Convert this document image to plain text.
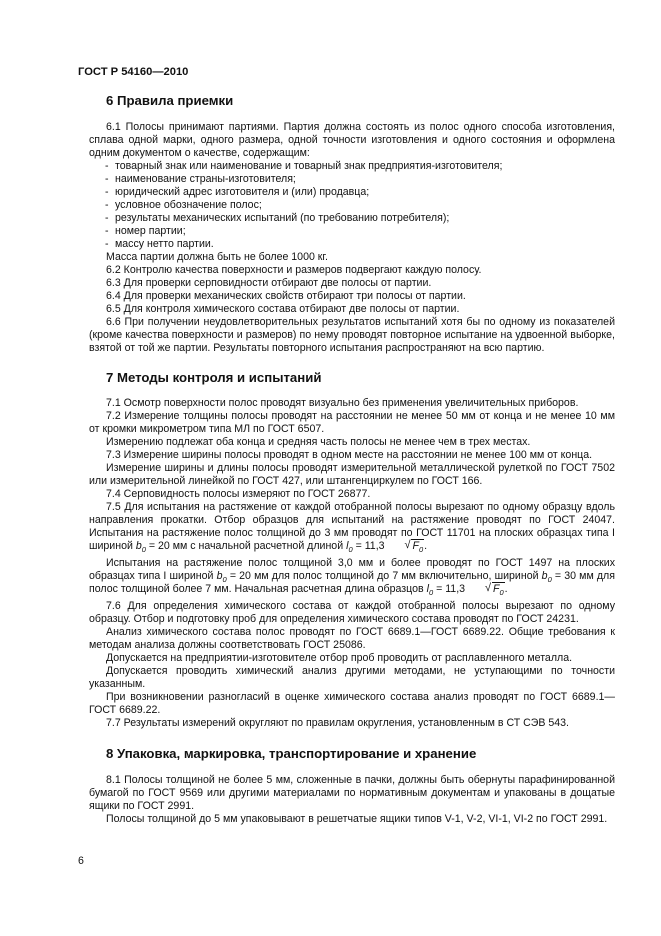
ГОСТ Р 54160—2010
6 Правила приемки

6.1 Полосы принимают партиями. Партия должна состоять из полос одного способа изготовления, сплава одной марки, одного размера, одной точности изготовления и одного состояния и оформлена одним документом о качестве, содержащим:

- товарный знак или наименование и товарный знак предприятия-изготовителя;
- наименование страны-изготовителя;
- юридический адрес изготовителя и (или) продавца;
- условное обозначение полос;
- результаты механических испытаний (по требованию потребителя);
- номер партии;
- массу нетто партии.

Масса партии должна быть не более 1000 кг.

6.2 Контролю качества поверхности и размеров подвергают каждую полосу.

6.3 Для проверки серповидности отбирают две полосы от партии.

6.4 Для проверки механических свойств отбирают три полосы от партии.

6.5 Для контроля химического состава отбирают две полосы от партии.

6.6 При получении неудовлетворительных результатов испытаний хотя бы по одному из показателей (кроме качества поверхности и размеров) по нему проводят повторное испытание на удвоенной выборке, взятой от той же партии. Результаты повторного испытания распространяют на всю партию.

7 Методы контроля и испытаний

7.1 Осмотр поверхности полос проводят визуально без применения увеличительных приборов.

7.2 Измерение толщины полосы проводят на расстоянии не менее 50 мм от конца и не менее 10 мм от кромки микрометром типа МЛ по ГОСТ 6507.

Измерению подлежат оба конца и средняя часть полосы не менее чем в трех местах.

7.3 Измерение ширины полосы проводят в одном месте на расстоянии не менее 100 мм от конца.

Измерение ширины и длины полосы проводят измерительной металлической рулеткой по ГОСТ 7502 или измерительной линейкой по ГОСТ 427, или штангенциркулем по ГОСТ 166.

7.4 Серповидность полосы измеряют по ГОСТ 26877.

7.5 Для испытания на растяжение от каждой отобранной полосы вырезают по одному образцу вдоль направления прокатки. Отбор образцов для испытаний на растяжение проводят по ГОСТ 24047. Испытания на растяжение полос толщиной до 3 мм проводят по ГОСТ 11701 на плоских образцах типа I шириной $b_0 = 20$ мм с начальной расчетной длиной $l_0 = 11,3$	√ $F_0$.

Испытания на растяжение полос толщиной 3,0 мм и более проводят по ГОСТ 1497 на плоских образцах типа I шириной $b_0 = 20$ мм для полос толщиной до 7 мм включительно, шириной $b_0 = 30$ мм для полос толщиной более 7 мм. Начальная расчетная длина образцов $l_0 = 11,3$	√ $F_0$.

7.6 Для определения химического состава от каждой отобранной полосы вырезают по одному образцу. Отбор и подготовку проб для определения химического состава проводят по ГОСТ 24231.

Анализ химического состава полос проводят по ГОСТ 6689.1—ГОСТ 6689.22. Общие требования к методам анализа должны соответствовать ГОСТ 25086.

Допускается на предприятии-изготовителе отбор проб проводить от расплавленного металла.

Допускается проводить химический анализ другими методами, не уступающими по точности указанным.

При возникновении разногласий в оценке химического состава анализ проводят по ГОСТ 6689.1—ГОСТ 6689.22.

7.7 Результаты измерений округляют по правилам округления, установленным в СТ СЭВ 543.

8 Упаковка, маркировка, транспортирование и хранение

8.1 Полосы толщиной не более 5 мм, сложенные в пачки, должны быть обернуты парафинированной бумагой по ГОСТ 9569 или другими материалами по нормативным документам и упакованы в дощатые ящики по ГОСТ 2991.

Полосы толщиной до 5 мм упаковывают в решетчатые ящики типов V-1, V-2, VI-1, VI-2 по ГОСТ 2991.

6
